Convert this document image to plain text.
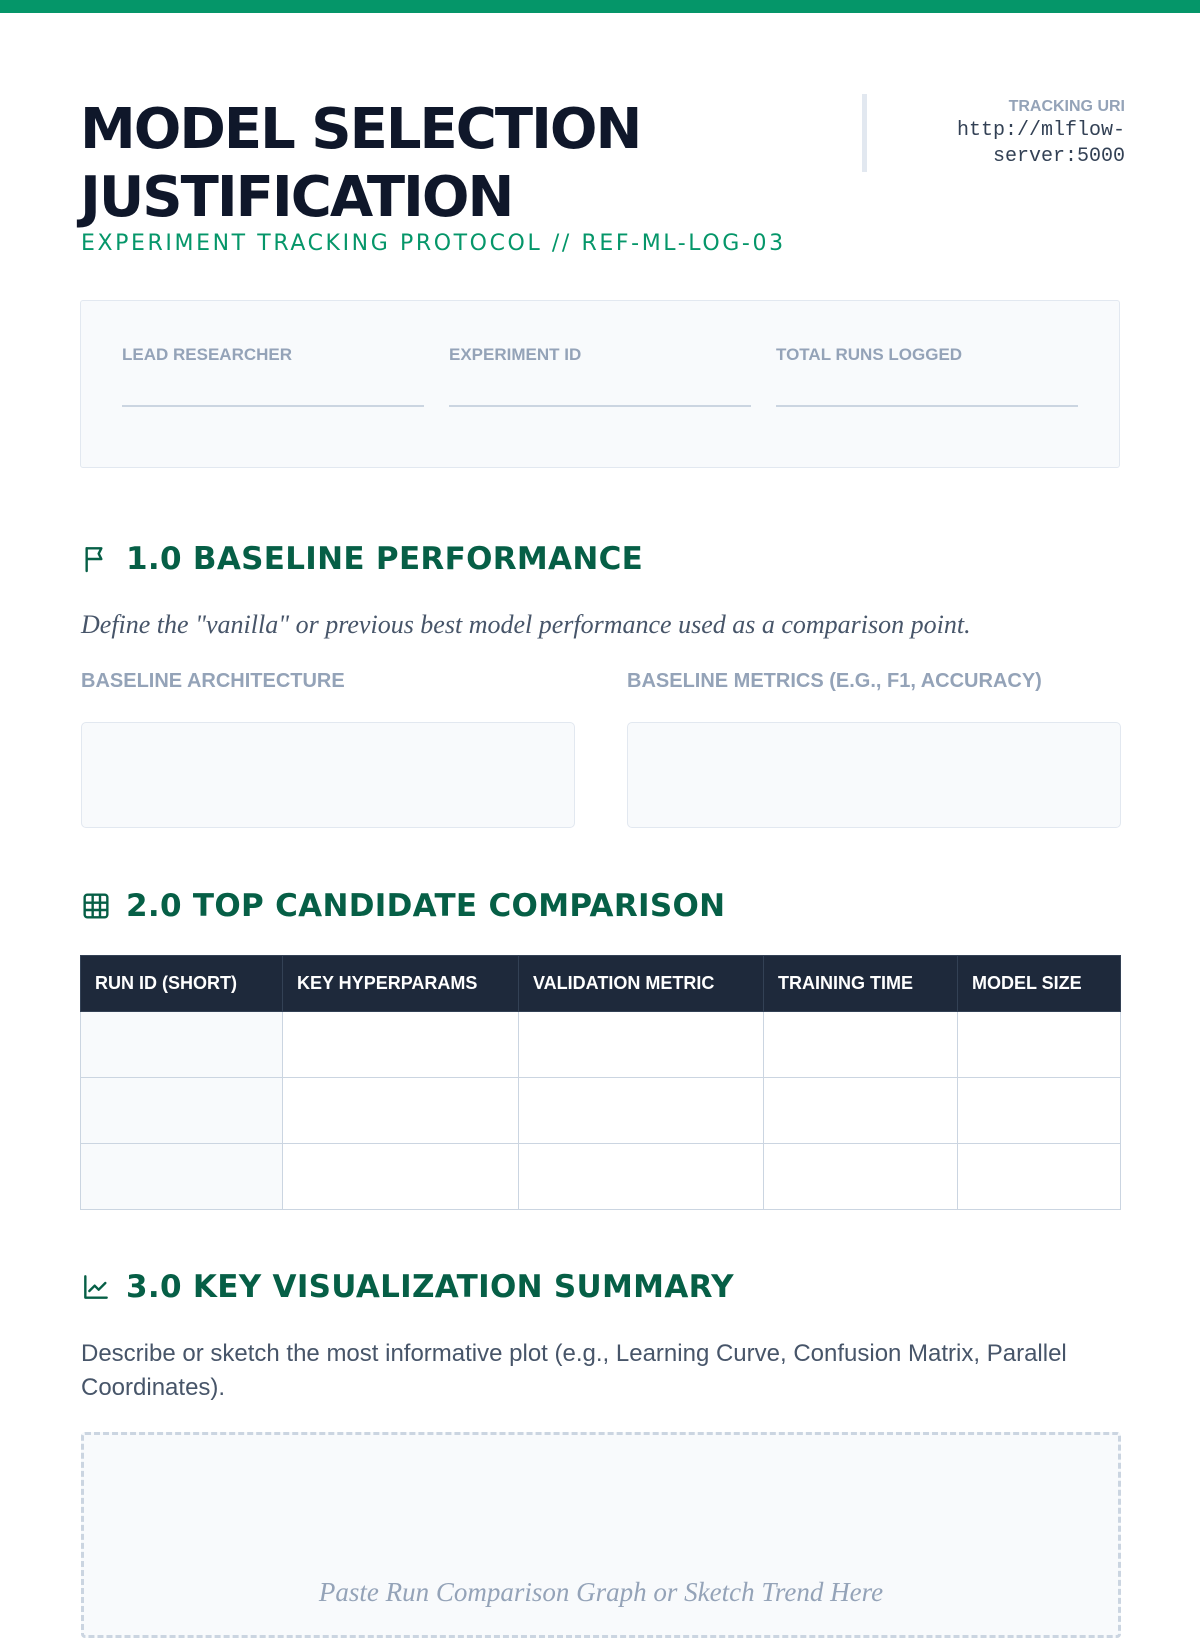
MODEL SELECTION JUSTIFICATION
EXPERIMENT TRACKING PROTOCOL // REF-ML-LOG-03
TRACKING URI
http://mlflow-server:5000
LEAD RESEARCHER	EXPERIMENT ID	TOTAL RUNS LOGGED
1.0 BASELINE PERFORMANCE

Define the "vanilla" or previous best model performance used as a comparison point.

BASELINE ARCHITECTURE	BASELINE METRICS (E.G., F1, ACCURACY)
2.0 TOP CANDIDATE COMPARISON
RUN ID (SHORT)	KEY HYPERPARAMS	VALIDATION METRIC	TRAINING TIME	MODEL SIZE

3.0 KEY VISUALIZATION SUMMARY

Describe or sketch the most informative plot (e.g., Learning Curve, Confusion Matrix, Parallel Coordinates).

Paste Run Comparison Graph or Sketch Trend Here
